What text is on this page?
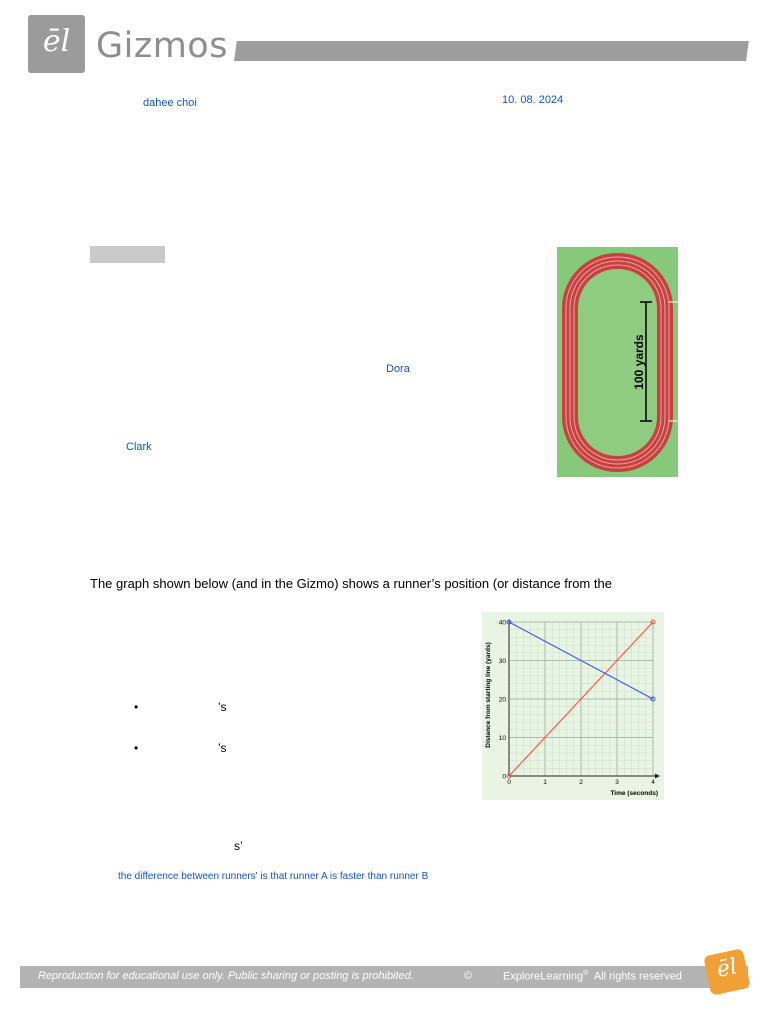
ēl Gizmos
dahee choi	10. 08. 2024
Dora
Clark
100 yards
The graph shown below (and in the Gizmo) shows a runner’s position (or distance from the
•	’s
•	’s
s’
the difference between runners' is that runner A is faster than runner B
0	1	2	3	4
0
10
20
30
40
Distance from starting line (yards)
Time (seconds)
Reproduction for educational use only. Public sharing or posting is prohibited.	©	ExploreLearning® All rights reserved	ēl
